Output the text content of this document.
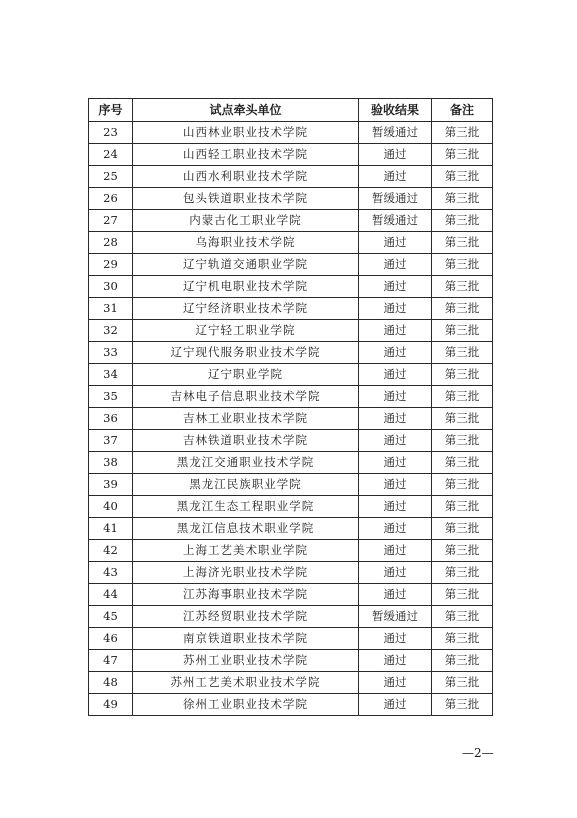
序号	试点牵头单位	验收结果	备注
23	山西林业职业技术学院	暂缓通过	第三批
24	山西轻工职业技术学院	通过	第三批
25	山西水利职业技术学院	通过	第三批
26	包头铁道职业技术学院	暂缓通过	第三批
27	内蒙古化工职业学院	暂缓通过	第三批
28	乌海职业技术学院	通过	第三批
29	辽宁轨道交通职业学院	通过	第三批
30	辽宁机电职业技术学院	通过	第三批
31	辽宁经济职业技术学院	通过	第三批
32	辽宁轻工职业学院	通过	第三批
33	辽宁现代服务职业技术学院	通过	第三批
34	辽宁职业学院	通过	第三批
35	吉林电子信息职业技术学院	通过	第三批
36	吉林工业职业技术学院	通过	第三批
37	吉林铁道职业技术学院	通过	第三批
38	黑龙江交通职业技术学院	通过	第三批
39	黑龙江民族职业学院	通过	第三批
40	黑龙江生态工程职业学院	通过	第三批
41	黑龙江信息技术职业学院	通过	第三批
42	上海工艺美术职业学院	通过	第三批
43	上海济光职业技术学院	通过	第三批
44	江苏海事职业技术学院	通过	第三批
45	江苏经贸职业技术学院	暂缓通过	第三批
46	南京铁道职业技术学院	通过	第三批
47	苏州工业职业技术学院	通过	第三批
48	苏州工艺美术职业技术学院	通过	第三批
49	徐州工业职业技术学院	通过	第三批
—2—
